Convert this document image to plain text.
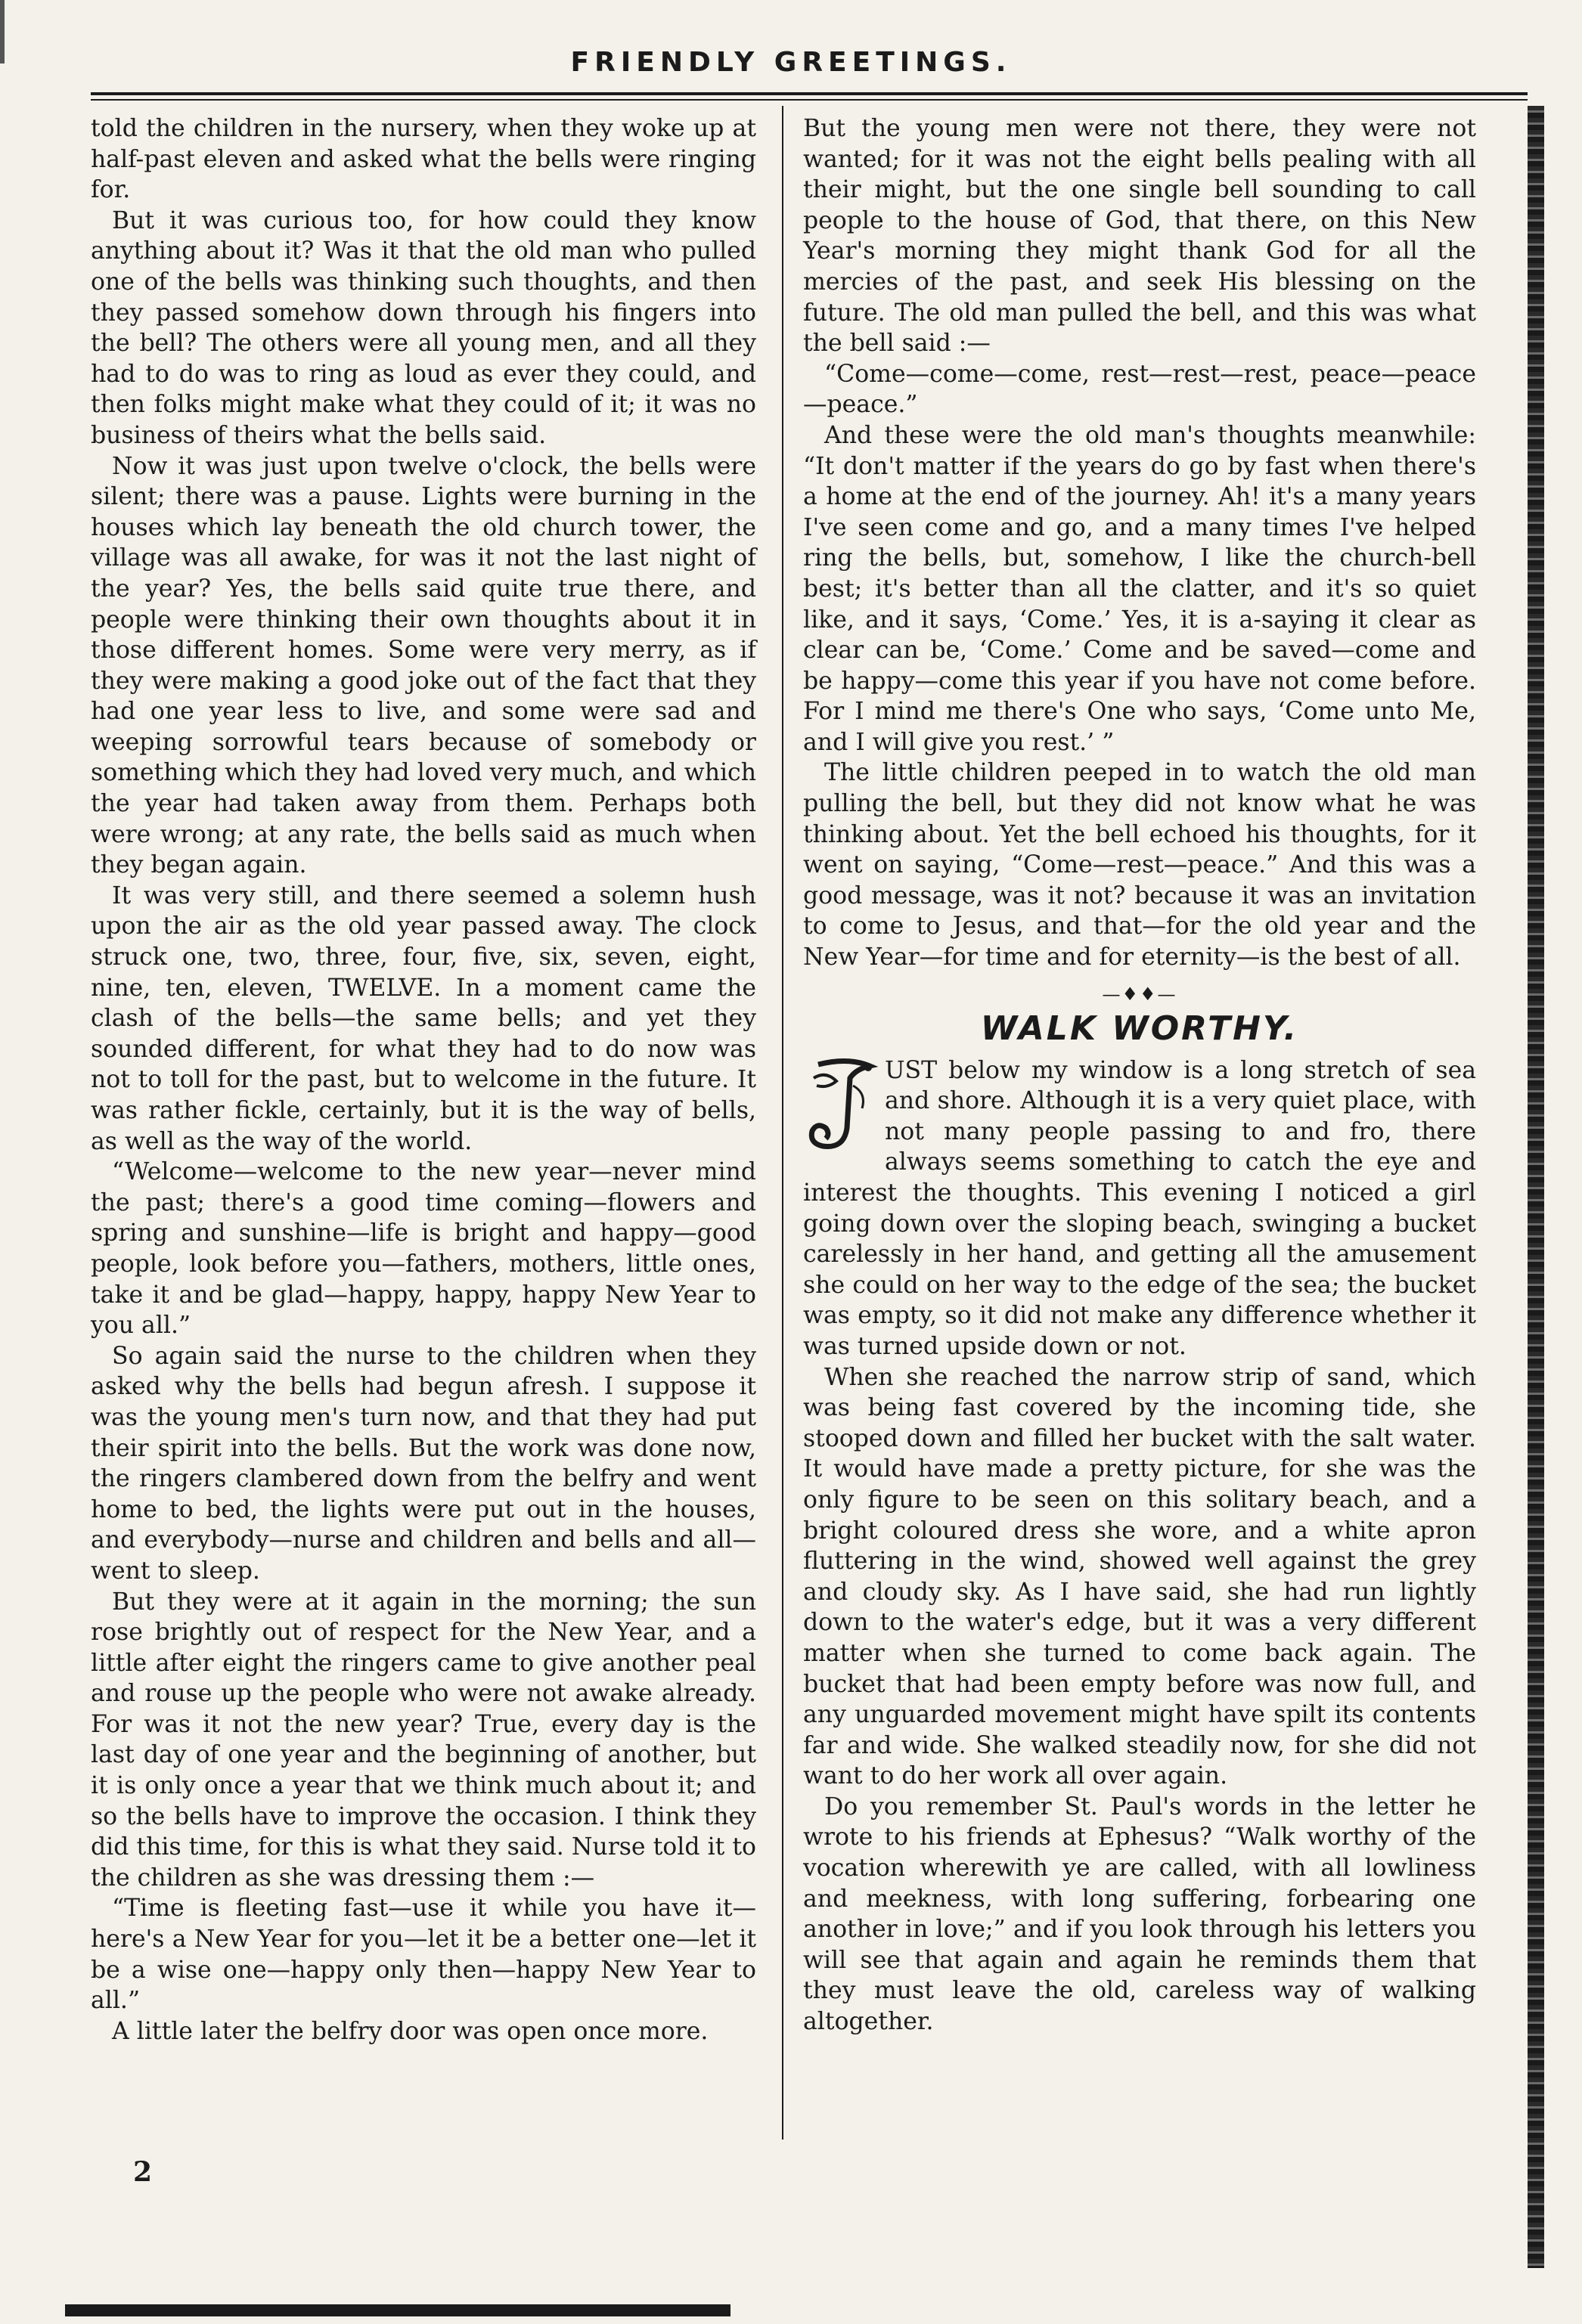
FRIENDLY GREETINGS.

told the children in the nursery, when they woke up at half-past eleven and asked what the bells were ringing for.

But it was curious too, for how could they know anything about it? Was it that the old man who pulled one of the bells was thinking such thoughts, and then they passed somehow down through his fingers into the bell? The others were all young men, and all they had to do was to ring as loud as ever they could, and then folks might make what they could of it; it was no business of theirs what the bells said.

Now it was just upon twelve o'clock, the bells were silent; there was a pause. Lights were burning in the houses which lay beneath the old church tower, the village was all awake, for was it not the last night of the year? Yes, the bells said quite true there, and people were thinking their own thoughts about it in those different homes. Some were very merry, as if they were making a good joke out of the fact that they had one year less to live, and some were sad and weeping sorrowful tears because of somebody or something which they had loved very much, and which the year had taken away from them. Perhaps both were wrong; at any rate, the bells said as much when they began again.

It was very still, and there seemed a solemn hush upon the air as the old year passed away. The clock struck one, two, three, four, five, six, seven, eight, nine, ten, eleven, TWELVE. In a moment came the clash of the bells—the same bells; and yet they sounded different, for what they had to do now was not to toll for the past, but to welcome in the future. It was rather fickle, certainly, but it is the way of bells, as well as the way of the world.

“Welcome—welcome to the new year—never mind the past; there's a good time coming—flowers and spring and sunshine—life is bright and happy—good people, look before you—fathers, mothers, little ones, take it and be glad—happy, happy, happy New Year to you all.”

So again said the nurse to the children when they asked why the bells had begun afresh. I suppose it was the young men's turn now, and that they had put their spirit into the bells. But the work was done now, the ringers clambered down from the belfry and went home to bed, the lights were put out in the houses, and everybody—nurse and children and bells and all—went to sleep.

But they were at it again in the morning; the sun rose brightly out of respect for the New Year, and a little after eight the ringers came to give another peal and rouse up the people who were not awake already. For was it not the new year? True, every day is the last day of one year and the beginning of another, but it is only once a year that we think much about it; and so the bells have to improve the occasion. I think they did this time, for this is what they said. Nurse told it to the children as she was dressing them :—

“Time is fleeting fast—use it while you have it—here's a New Year for you—let it be a better one—let it be a wise one—happy only then—happy New Year to all.”

A little later the belfry door was open once more.

But the young men were not there, they were not wanted; for it was not the eight bells pealing with all their might, but the one single bell sounding to call people to the house of God, that there, on this New Year's morning they might thank God for all the mercies of the past, and seek His blessing on the future. The old man pulled the bell, and this was what the bell said :—

“Come—come—come, rest—rest—rest, peace—peace—peace.”

And these were the old man's thoughts meanwhile: “It don't matter if the years do go by fast when there's a home at the end of the journey. Ah! it's a many years I've seen come and go, and a many times I've helped ring the bells, but, somehow, I like the church-bell best; it's better than all the clatter, and it's so quiet like, and it says, ‘Come.’ Yes, it is a-saying it clear as clear can be, ‘Come.’ Come and be saved—come and be happy—come this year if you have not come before. For I mind me there's One who says, ‘Come unto Me, and I will give you rest.’ ”

The little children peeped in to watch the old man pulling the bell, but they did not know what he was thinking about. Yet the bell echoed his thoughts, for it went on saying, “Come—rest—peace.” And this was a good message, was it not? because it was an invitation to come to Jesus, and that—for the old year and the New Year—for time and for eternity—is the best of all.

—♦♦—
WALK WORTHY.

UST below my window is a long stretch of sea and shore. Although it is a very quiet place, with not many people passing to and fro, there always seems something to catch the eye and interest the thoughts. This evening I noticed a girl going down over the sloping beach, swinging a bucket carelessly in her hand, and getting all the amusement she could on her way to the edge of the sea; the bucket was empty, so it did not make any difference whether it was turned upside down or not.

When she reached the narrow strip of sand, which was being fast covered by the incoming tide, she stooped down and filled her bucket with the salt water. It would have made a pretty picture, for she was the only figure to be seen on this solitary beach, and a bright coloured dress she wore, and a white apron fluttering in the wind, showed well against the grey and cloudy sky. As I have said, she had run lightly down to the water's edge, but it was a very different matter when she turned to come back again. The bucket that had been empty before was now full, and any unguarded movement might have spilt its contents far and wide. She walked steadily now, for she did not want to do her work all over again.

Do you remember St. Paul's words in the letter he wrote to his friends at Ephesus? “Walk worthy of the vocation wherewith ye are called, with all lowliness and meekness, with long suffering, forbearing one another in love;” and if you look through his letters you will see that again and again he reminds them that they must leave the old, careless way of walking altogether.

2
